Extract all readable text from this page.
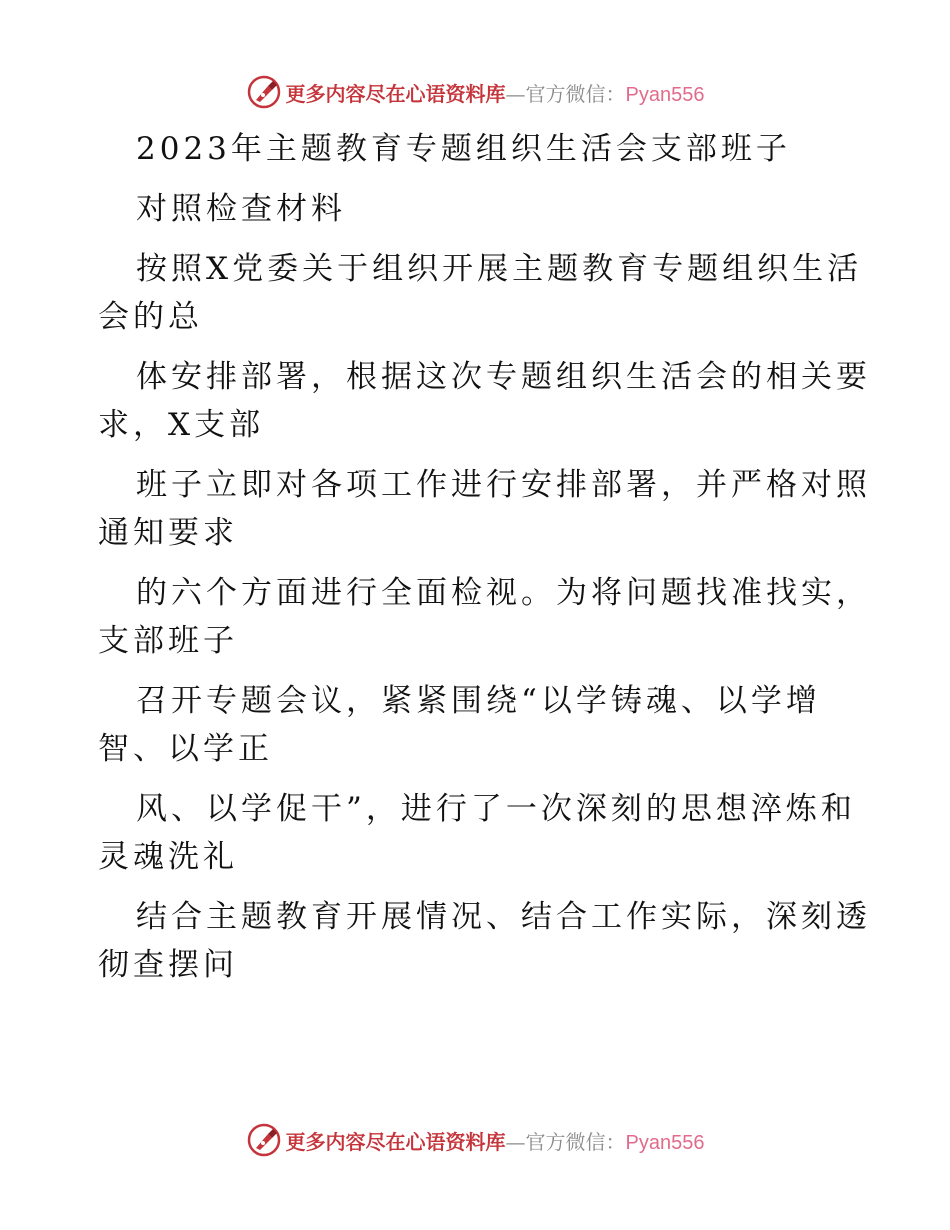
更多内容尽在心语资料库—官方微信：Pyan556
2023年主题教育专题组织生活会支部班子
对照检查材料
按照X党委关于组织开展主题教育专题组织生活
会的总
体安排部署，根据这次专题组织生活会的相关要
求，X支部
班子立即对各项工作进行安排部署，并严格对照
通知要求
的六个方面进行全面检视。为将问题找准找实，
支部班子
召开专题会议，紧紧围绕“以学铸魂、以学增
智、以学正
风、以学促干”，进行了一次深刻的思想淬炼和
灵魂洗礼
结合主题教育开展情况、结合工作实际，深刻透
彻查摆问
更多内容尽在心语资料库—官方微信：Pyan556
